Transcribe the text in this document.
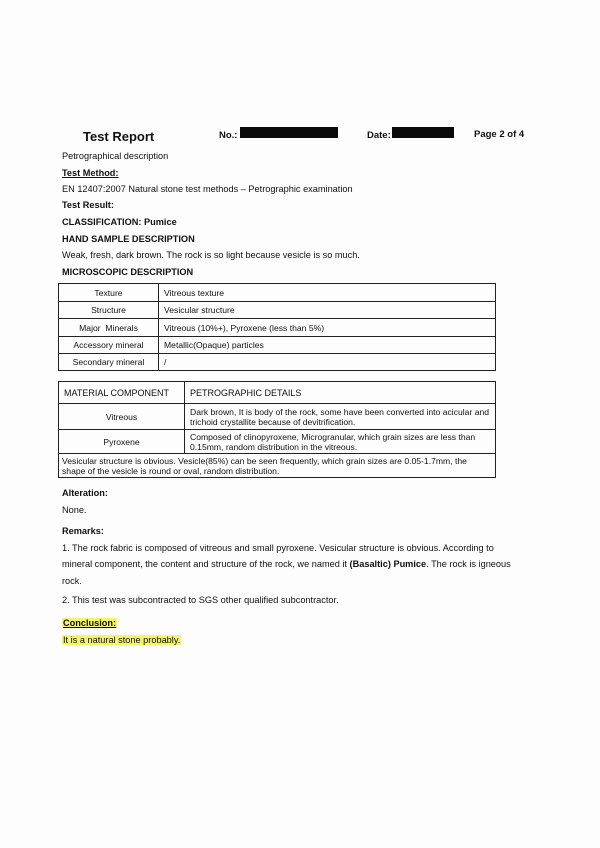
Test Report	No.:	Date:	Page 2 of 4
Petrographical description
Test Method:
EN 12407:2007 Natural stone test methods – Petrographic examination
Test Result:
CLASSIFICATION: Pumice
HAND SAMPLE DESCRIPTION
Weak, fresh, dark brown. The rock is so light because vesicle is so much.
MICROSCOPIC DESCRIPTION
Texture	Vitreous texture
Structure	Vesicular structure
Major  Minerals	Vitreous (10%+), Pyroxene (less than 5%)
Accessory mineral	Metallic(Opaque) particles
Secondary mineral	/
MATERIAL COMPONENT	PETROGRAPHIC DETAILS
Vitreous	Dark brown, It is body of the rock, some have been converted into acicular and trichoid crystallite because of devitrification.
Pyroxene	Composed of clinopyroxene, Microgranular, which grain sizes are less than 0.15mm, random distribution in the vitreous.
Vesicular structure is obvious. Vesicle(85%) can be seen frequently, which grain sizes are 0.05-1.7mm, the shape of the vesicle is round or oval, random distribution.	
Alteration:
None.
Remarks:
1. The rock fabric is composed of vitreous and small pyroxene. Vesicular structure is obvious. According to
mineral component, the content and structure of the rock, we named it (Basaltic) Pumice. The rock is igneous
rock.
2. This test was subcontracted to SGS other qualified subcontractor.
Conclusion:
It is a natural stone probably.
